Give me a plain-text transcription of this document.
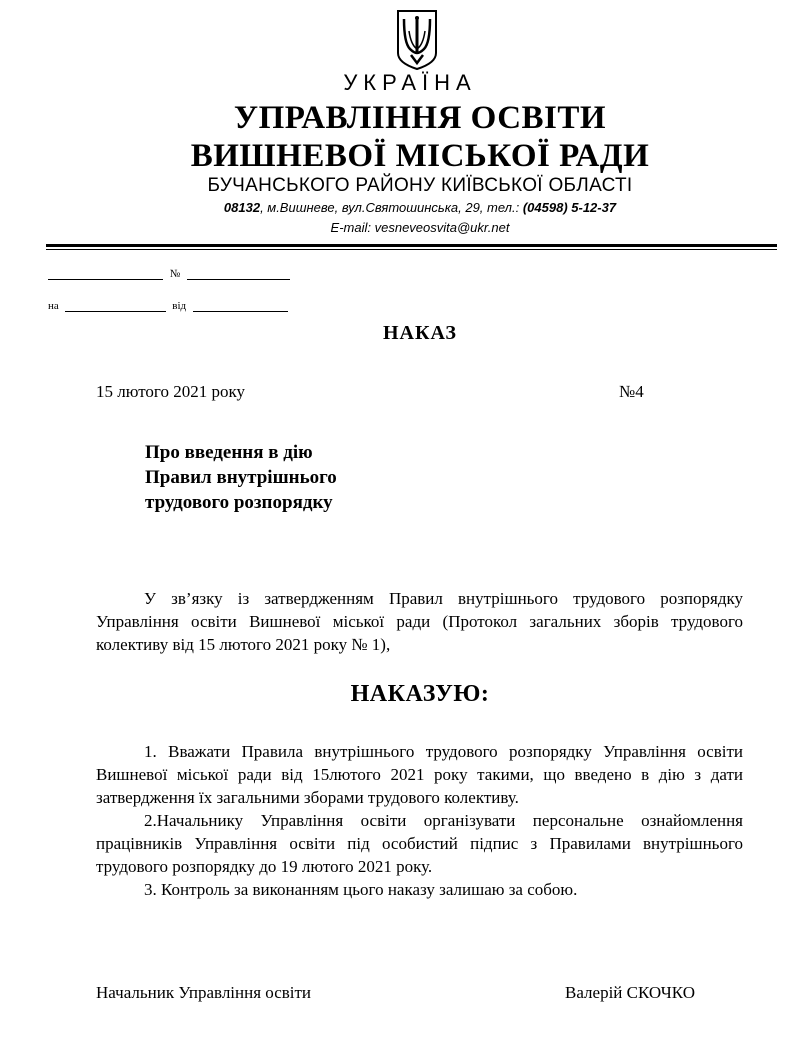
УКРАЇНА
УПРАВЛІННЯ ОСВІТИ
ВИШНЕВОЇ МІСЬКОЇ РАДИ
БУЧАНСЬКОГО РАЙОНУ КИЇВСЬКОЇ ОБЛАСТІ
08132, м.Вишневе, вул.Святошинська, 29, тел.: (04598) 5-12-37
E-mail: vesneveosvita@ukr.net
№
на	від
НАКАЗ
15 лютого 2021 року	№4
Про введення в дію
Правил внутрішнього
трудового розпорядку
У зв’язку із затвердженням Правил внутрішнього трудового розпорядку Управління освіти Вишневої міської ради (Протокол загальних зборів трудового колективу від 15 лютого 2021 року № 1),
НАКАЗУЮ:

1. Вважати Правила внутрішнього трудового розпорядку Управління освіти Вишневої міської ради від 15лютого 2021 року такими, що введено в дію з дати затвердження їх загальними зборами трудового колективу.

2.Начальнику Управління освіти організувати персональне ознайомлення працівників Управління освіти під особистий підпис з Правилами внутрішнього трудового розпорядку до 19 лютого 2021 року.

3. Контроль за виконанням цього наказу залишаю за собою.

Начальник Управління освіти	Валерій СКОЧКО
